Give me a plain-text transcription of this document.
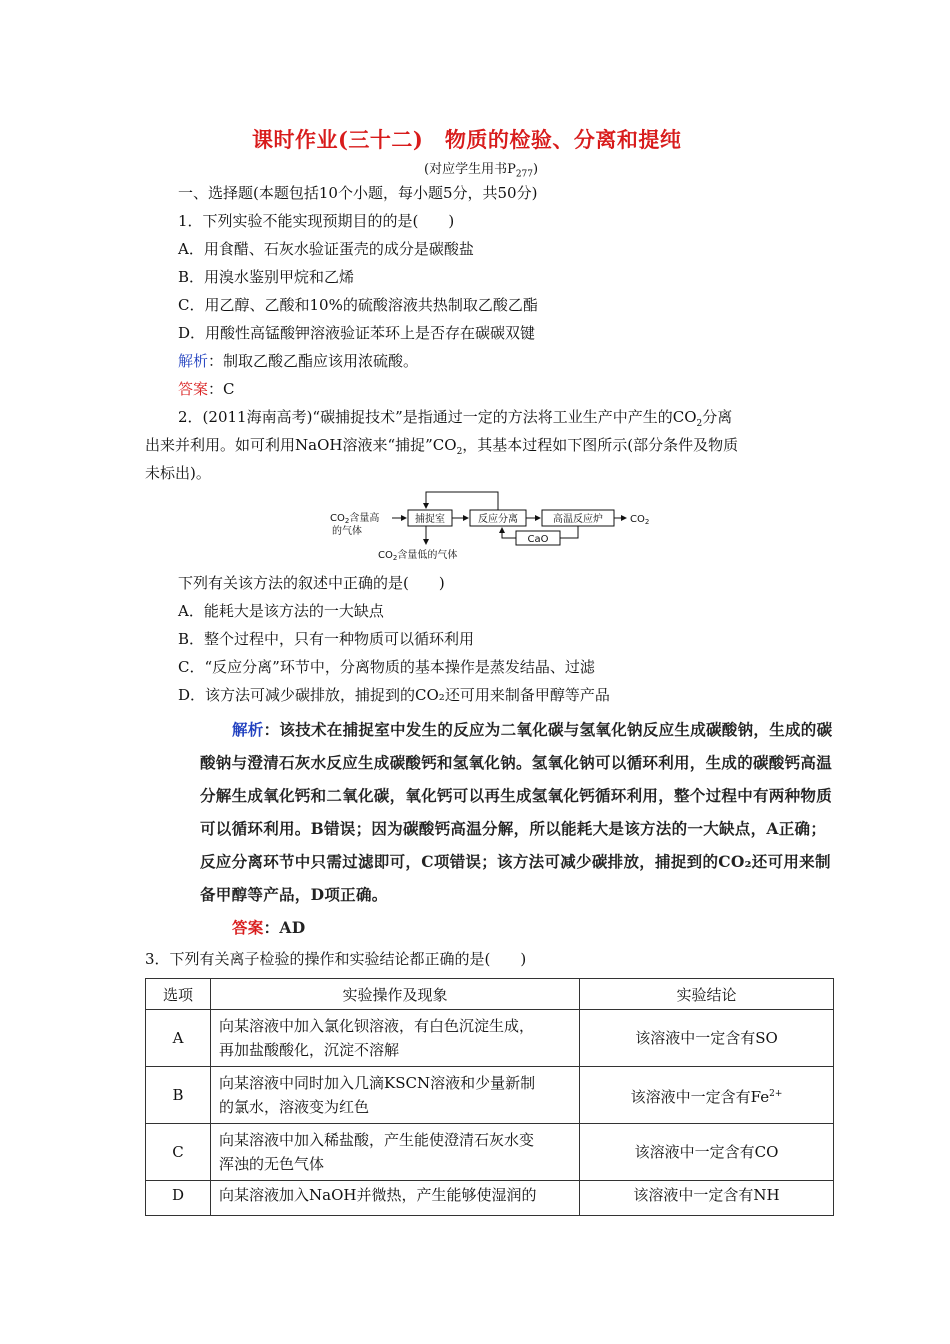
课时作业(三十二)　物质的检验、分离和提纯
(对应学生用书$P_{277}$)
一、选择题(本题包括10个小题，每小题5分，共50分)
1．下列实验不能实现预期目的的是(　　)
A．用食醋、石灰水验证蛋壳的成分是碳酸盐
B．用溴水鉴别甲烷和乙烯
C．用乙醇、乙酸和10%的硫酸溶液共热制取乙酸乙酯
D．用酸性高锰酸钾溶液验证苯环上是否存在碳碳双键
解析：制取乙酸乙酯应该用浓硫酸。
答案：C
2．(2011海南高考)“碳捕捉技术”是指通过一定的方法将工业生产中产生的$CO_2$分离
出来并利用。如可利用NaOH溶液来“捕捉$”CO_2$，其基本过程如下图所示(部分条件及物质
未标出)。
$CO_2$含量高
的气体
捕捉室	反应分离	高温反应炉	$CO_2$
CaO
$CO_2$含量低的气体
下列有关该方法的叙述中正确的是(　　)
A．能耗大是该方法的一大缺点
B．整个过程中，只有一种物质可以循环利用
C．“反应分离”环节中，分离物质的基本操作是蒸发结晶、过滤
D．该方法可减少碳排放，捕捉到的CO₂还可用来制备甲醇等产品
解析：该技术在捕捉室中发生的反应为二氧化碳与氢氧化钠反应生成碳酸钠，生成的碳
酸钠与澄清石灰水反应生成碳酸钙和氢氧化钠。氢氧化钠可以循环利用，生成的碳酸钙高温
分解生成氧化钙和二氧化碳，氧化钙可以再生成氢氧化钙循环利用，整个过程中有两种物质
可以循环利用。B错误；因为碳酸钙高温分解，所以能耗大是该方法的一大缺点，A正确；
反应分离环节中只需过滤即可，C项错误；该方法可减少碳排放，捕捉到的CO₂还可用来制
备甲醇等产品，D项正确。
答案：AD
3．下列有关离子检验的操作和实验结论都正确的是(　　)
选项	实验操作及现象	实验结论
A	向某溶液中加入氯化钡溶液，有白色沉淀生成，
再加盐酸酸化，沉淀不溶解	该溶液中一定含有SO
B	向某溶液中同时加入几滴KSCN溶液和少量新制
的氯水，溶液变为红色	该溶液中一定含有$Fe^{2+}$
C	向某溶液中加入稀盐酸，产生能使澄清石灰水变
浑浊的无色气体	该溶液中一定含有CO
D	向某溶液加入NaOH并微热，产生能够使湿润的	该溶液中一定含有NH
